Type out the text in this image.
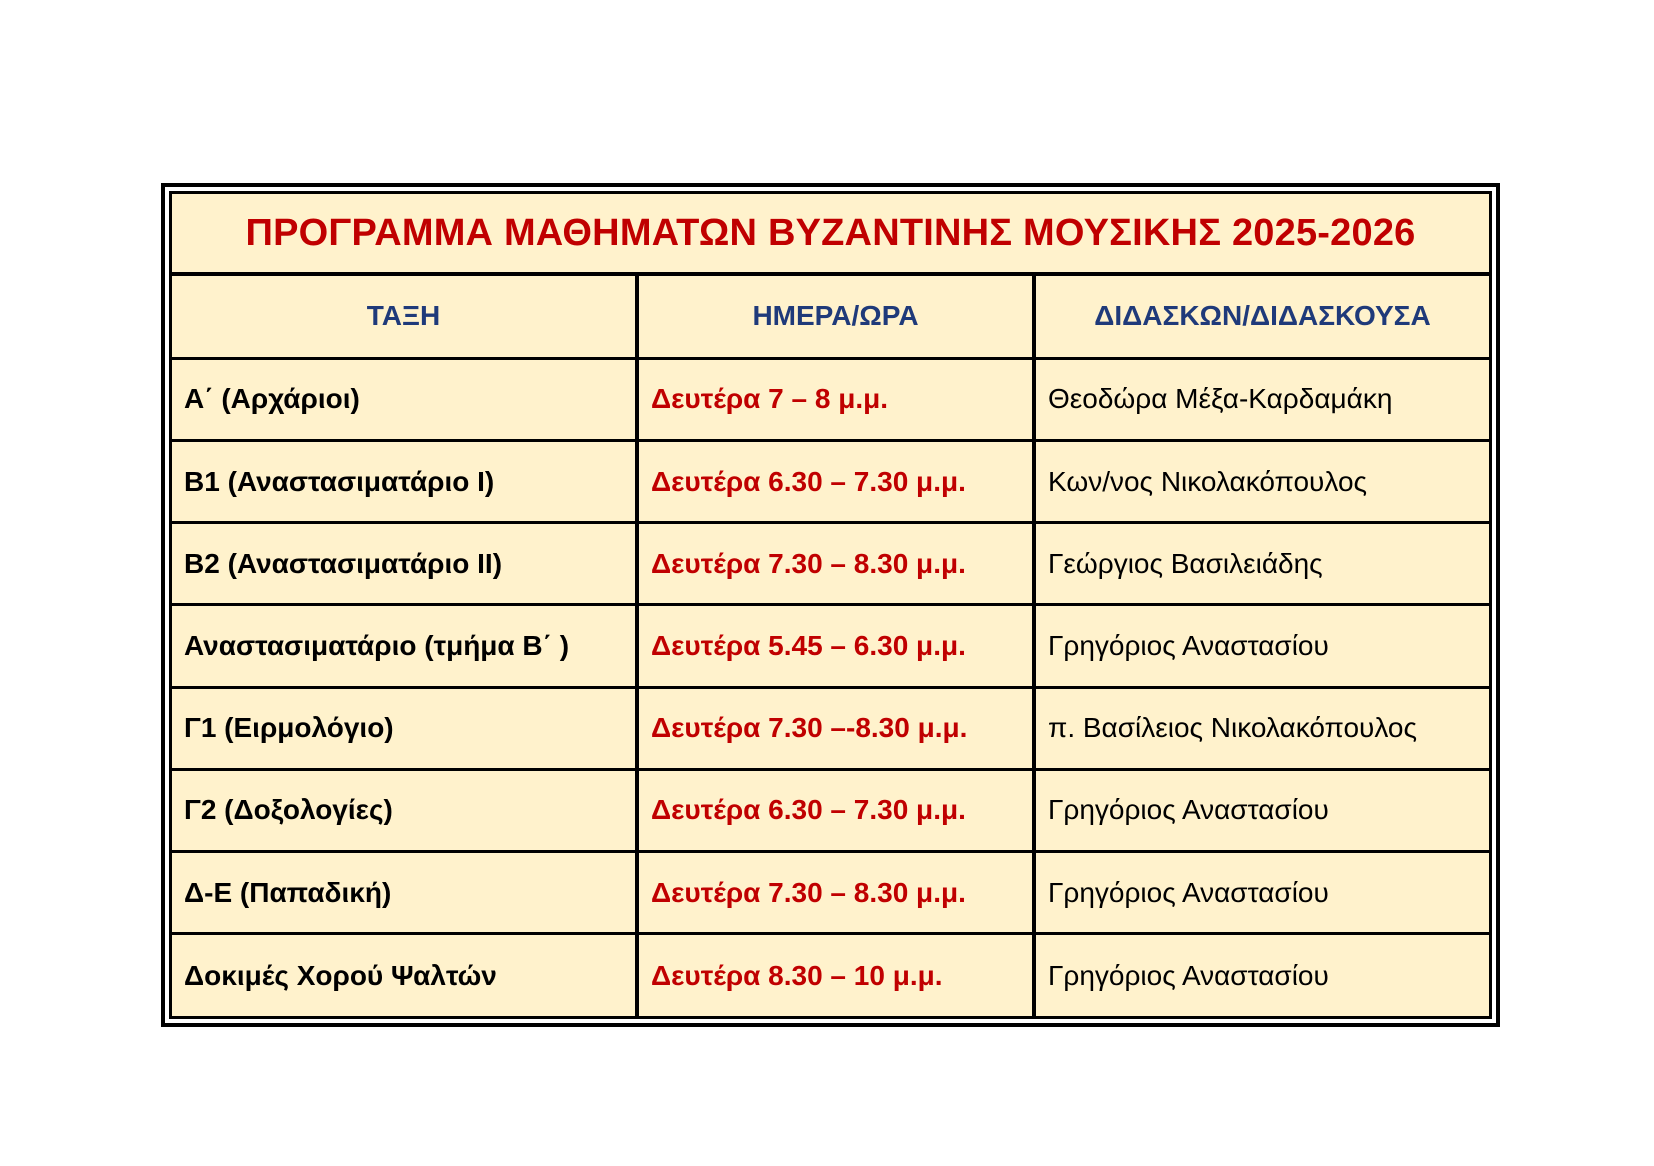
ΠΡΟΓΡΑΜΜΑ ΜΑΘΗΜΑΤΩΝ ΒΥΖΑΝΤΙΝΗΣ ΜΟΥΣΙΚΗΣ 2025-2026
ΤΑΞΗ	ΗΜΕΡΑ/ΩΡΑ	ΔΙΔΑΣΚΩΝ/ΔΙΔΑΣΚΟΥΣΑ
Α΄ (Αρχάριοι)	Δευτέρα 7 – 8 μ.μ.	Θεοδώρα Μέξα-Καρδαμάκη
Β1 (Αναστασιματάριο Ι)	Δευτέρα 6.30 – 7.30 μ.μ.	Κων/νος Νικολακόπουλος
Β2 (Αναστασιματάριο ΙΙ)	Δευτέρα 7.30 – 8.30 μ.μ.	Γεώργιος Βασιλειάδης
Αναστασιματάριο (τμήμα Β΄ )	Δευτέρα 5.45 – 6.30 μ.μ.	Γρηγόριος Αναστασίου
Γ1 (Ειρμολόγιο)	Δευτέρα 7.30 –-8.30 μ.μ.	π. Βασίλειος Νικολακόπουλος
Γ2 (Δοξολογίες)	Δευτέρα 6.30 – 7.30 μ.μ.	Γρηγόριος Αναστασίου
Δ-Ε (Παπαδική)	Δευτέρα 7.30 – 8.30 μ.μ.	Γρηγόριος Αναστασίου
Δοκιμές Χορού Ψαλτών	Δευτέρα 8.30 – 10 μ.μ.	Γρηγόριος Αναστασίου
